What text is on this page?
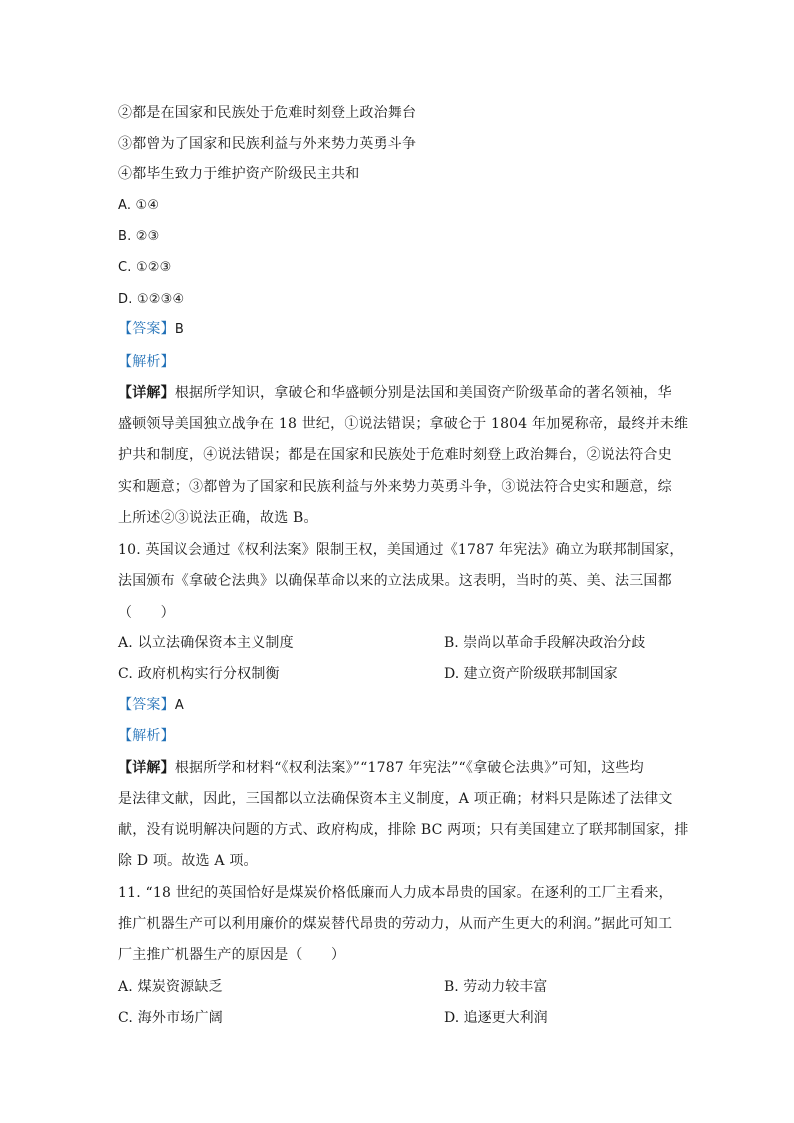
②都是在国家和民族处于危难时刻登上政治舞台
③都曾为了国家和民族利益与外来势力英勇斗争
④都毕生致力于维护资产阶级民主共和
A. ①④
B. ②③
C. ①②③
D. ①②③④
【答案】B
【解析】
【详解】根据所学知识，拿破仑和华盛顿分别是法国和美国资产阶级革命的著名领袖，华
盛顿领导美国独立战争在 18 世纪，①说法错误；拿破仑于 1804 年加冕称帝，最终并未维
护共和制度，④说法错误；都是在国家和民族处于危难时刻登上政治舞台，②说法符合史
实和题意；③都曾为了国家和民族利益与外来势力英勇斗争，③说法符合史实和题意，综
上所述②③说法正确，故选 B。
10. 英国议会通过《权利法案》限制王权，美国通过《1787 年宪法》确立为联邦制国家，
法国颁布《拿破仑法典》以确保革命以来的立法成果。这表明，当时的英、美、法三国都
（　　）
A. 以立法确保资本主义制度	B. 崇尚以革命手段解决政治分歧
C. 政府机构实行分权制衡	D. 建立资产阶级联邦制国家
【答案】A
【解析】
【详解】根据所学和材料“《权利法案》”“1787 年宪法”“《拿破仑法典》”可知，这些均
是法律文献，因此，三国都以立法确保资本主义制度，A 项正确；材料只是陈述了法律文
献，没有说明解决问题的方式、政府构成，排除 BC 两项；只有美国建立了联邦制国家，排
除 D 项。故选 A 项。
11. “18 世纪的英国恰好是煤炭价格低廉而人力成本昂贵的国家。在逐利的工厂主看来，
推广机器生产可以利用廉价的煤炭替代昂贵的劳动力，从而产生更大的利润。”据此可知工
厂主推广机器生产的原因是（　　）
A. 煤炭资源缺乏	B. 劳动力较丰富
C. 海外市场广阔	D. 追逐更大利润
